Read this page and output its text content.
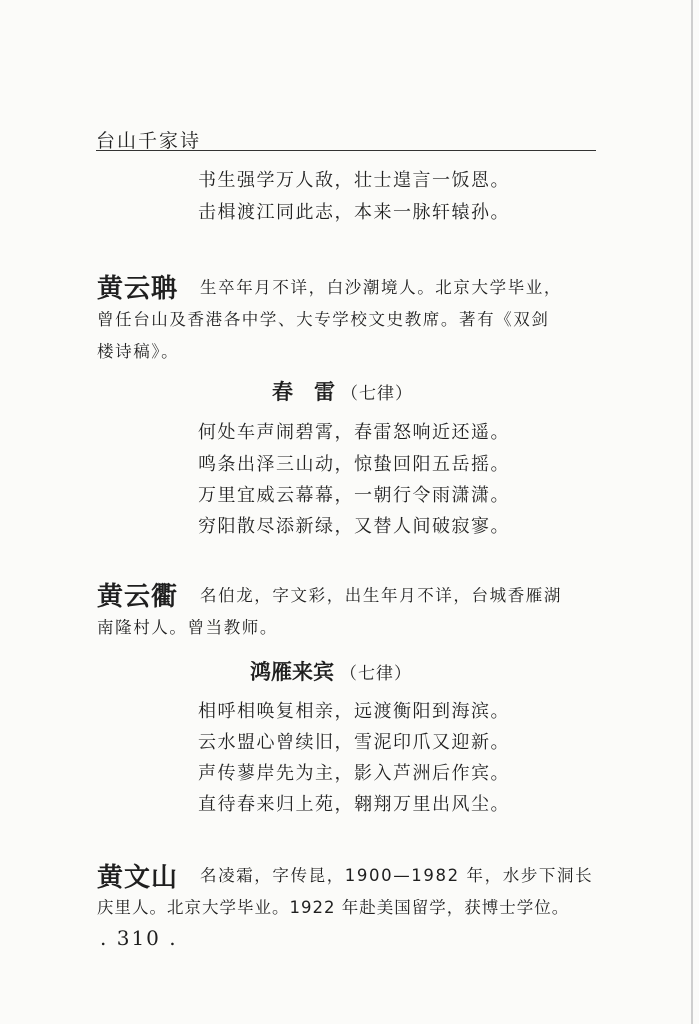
台山千家诗
书生强学万人敌，壮士遑言一饭恩。
击楫渡江同此志，本来一脉轩辕孙。
黄云聃 生卒年月不详，白沙潮境人。北京大学毕业，
曾任台山及香港各中学、大专学校文史教席。著有《双剑
楼诗稿》。
春　雷 （七律）
何处车声闹碧霄，春雷怒响近还遥。
鸣条出泽三山动，惊蛰回阳五岳摇。
万里宜威云幕幕，一朝行令雨潇潇。
穷阳散尽添新绿，又替人间破寂寥。
黄云衢 名伯龙，字文彩，出生年月不详，台城香雁湖
南隆村人。曾当教师。
鸿雁来宾 （七律）
相呼相唤复相亲，远渡衡阳到海滨。
云水盟心曾续旧，雪泥印爪又迎新。
声传蓼岸先为主，影入芦洲后作宾。
直待春来归上苑，翱翔万里出风尘。
黄文山 名凌霜，字传昆，1900—1982 年，水步下洞长
庆里人。北京大学毕业。1922 年赴美国留学，获博士学位。
. 310 .
